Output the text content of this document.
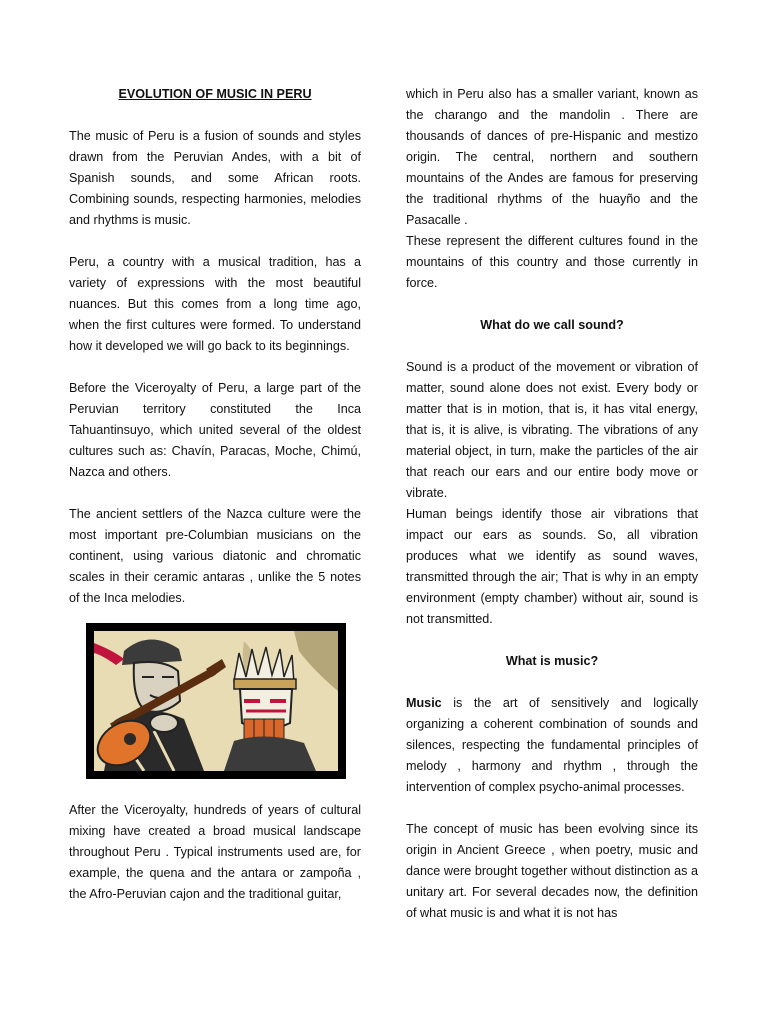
EVOLUTION OF MUSIC IN PERU

The music of Peru is a fusion of sounds and styles drawn from the Peruvian Andes, with a bit of Spanish sounds, and some African roots. Combining sounds, respecting harmonies, melodies and rhythms is music.

Peru, a country with a musical tradition, has a variety of expressions with the most beautiful nuances. But this comes from a long time ago, when the first cultures were formed. To understand how it developed we will go back to its beginnings.

Before the Viceroyalty of Peru, a large part of the Peruvian territory constituted the Inca Tahuantinsuyo, which united several of the oldest cultures such as: Chavín, Paracas, Moche, Chimú, Nazca and others.

The ancient settlers of the Nazca culture were the most important pre-Columbian musicians on the continent, using various diatonic and chromatic scales in their ceramic antaras , unlike the 5 notes of the Inca melodies.

After the Viceroyalty, hundreds of years of cultural mixing have created a broad musical landscape throughout Peru . Typical instruments used are, for example, the quena and the antara or zampoña , the Afro-Peruvian cajon and the traditional guitar,

which in Peru also has a smaller variant, known as the charango and the mandolin . There are thousands of dances of pre-Hispanic and mestizo origin. The central, northern and southern mountains of the Andes are famous for preserving the traditional rhythms of the huayño and the Pasacalle .

These represent the different cultures found in the mountains of this country and those currently in force.

What do we call sound?

Sound is a product of the movement or vibration of matter, sound alone does not exist. Every body or matter that is in motion, that is, it has vital energy, that is, it is alive, is vibrating. The vibrations of any material object, in turn, make the particles of the air that reach our ears and our entire body move or vibrate.

Human beings identify those air vibrations that impact our ears as sounds. So, all vibration produces what we identify as sound waves, transmitted through the air; That is why in an empty environment (empty chamber) without air, sound is not transmitted.

What is music?

Music is the art of sensitively and logically organizing a coherent combination of sounds and silences, respecting the fundamental principles of melody , harmony and rhythm , through the intervention of complex psycho-animal processes.

The concept of music has been evolving since its origin in Ancient Greece , when poetry, music and dance were brought together without distinction as a unitary art. For several decades now, the definition of what music is and what it is not has
